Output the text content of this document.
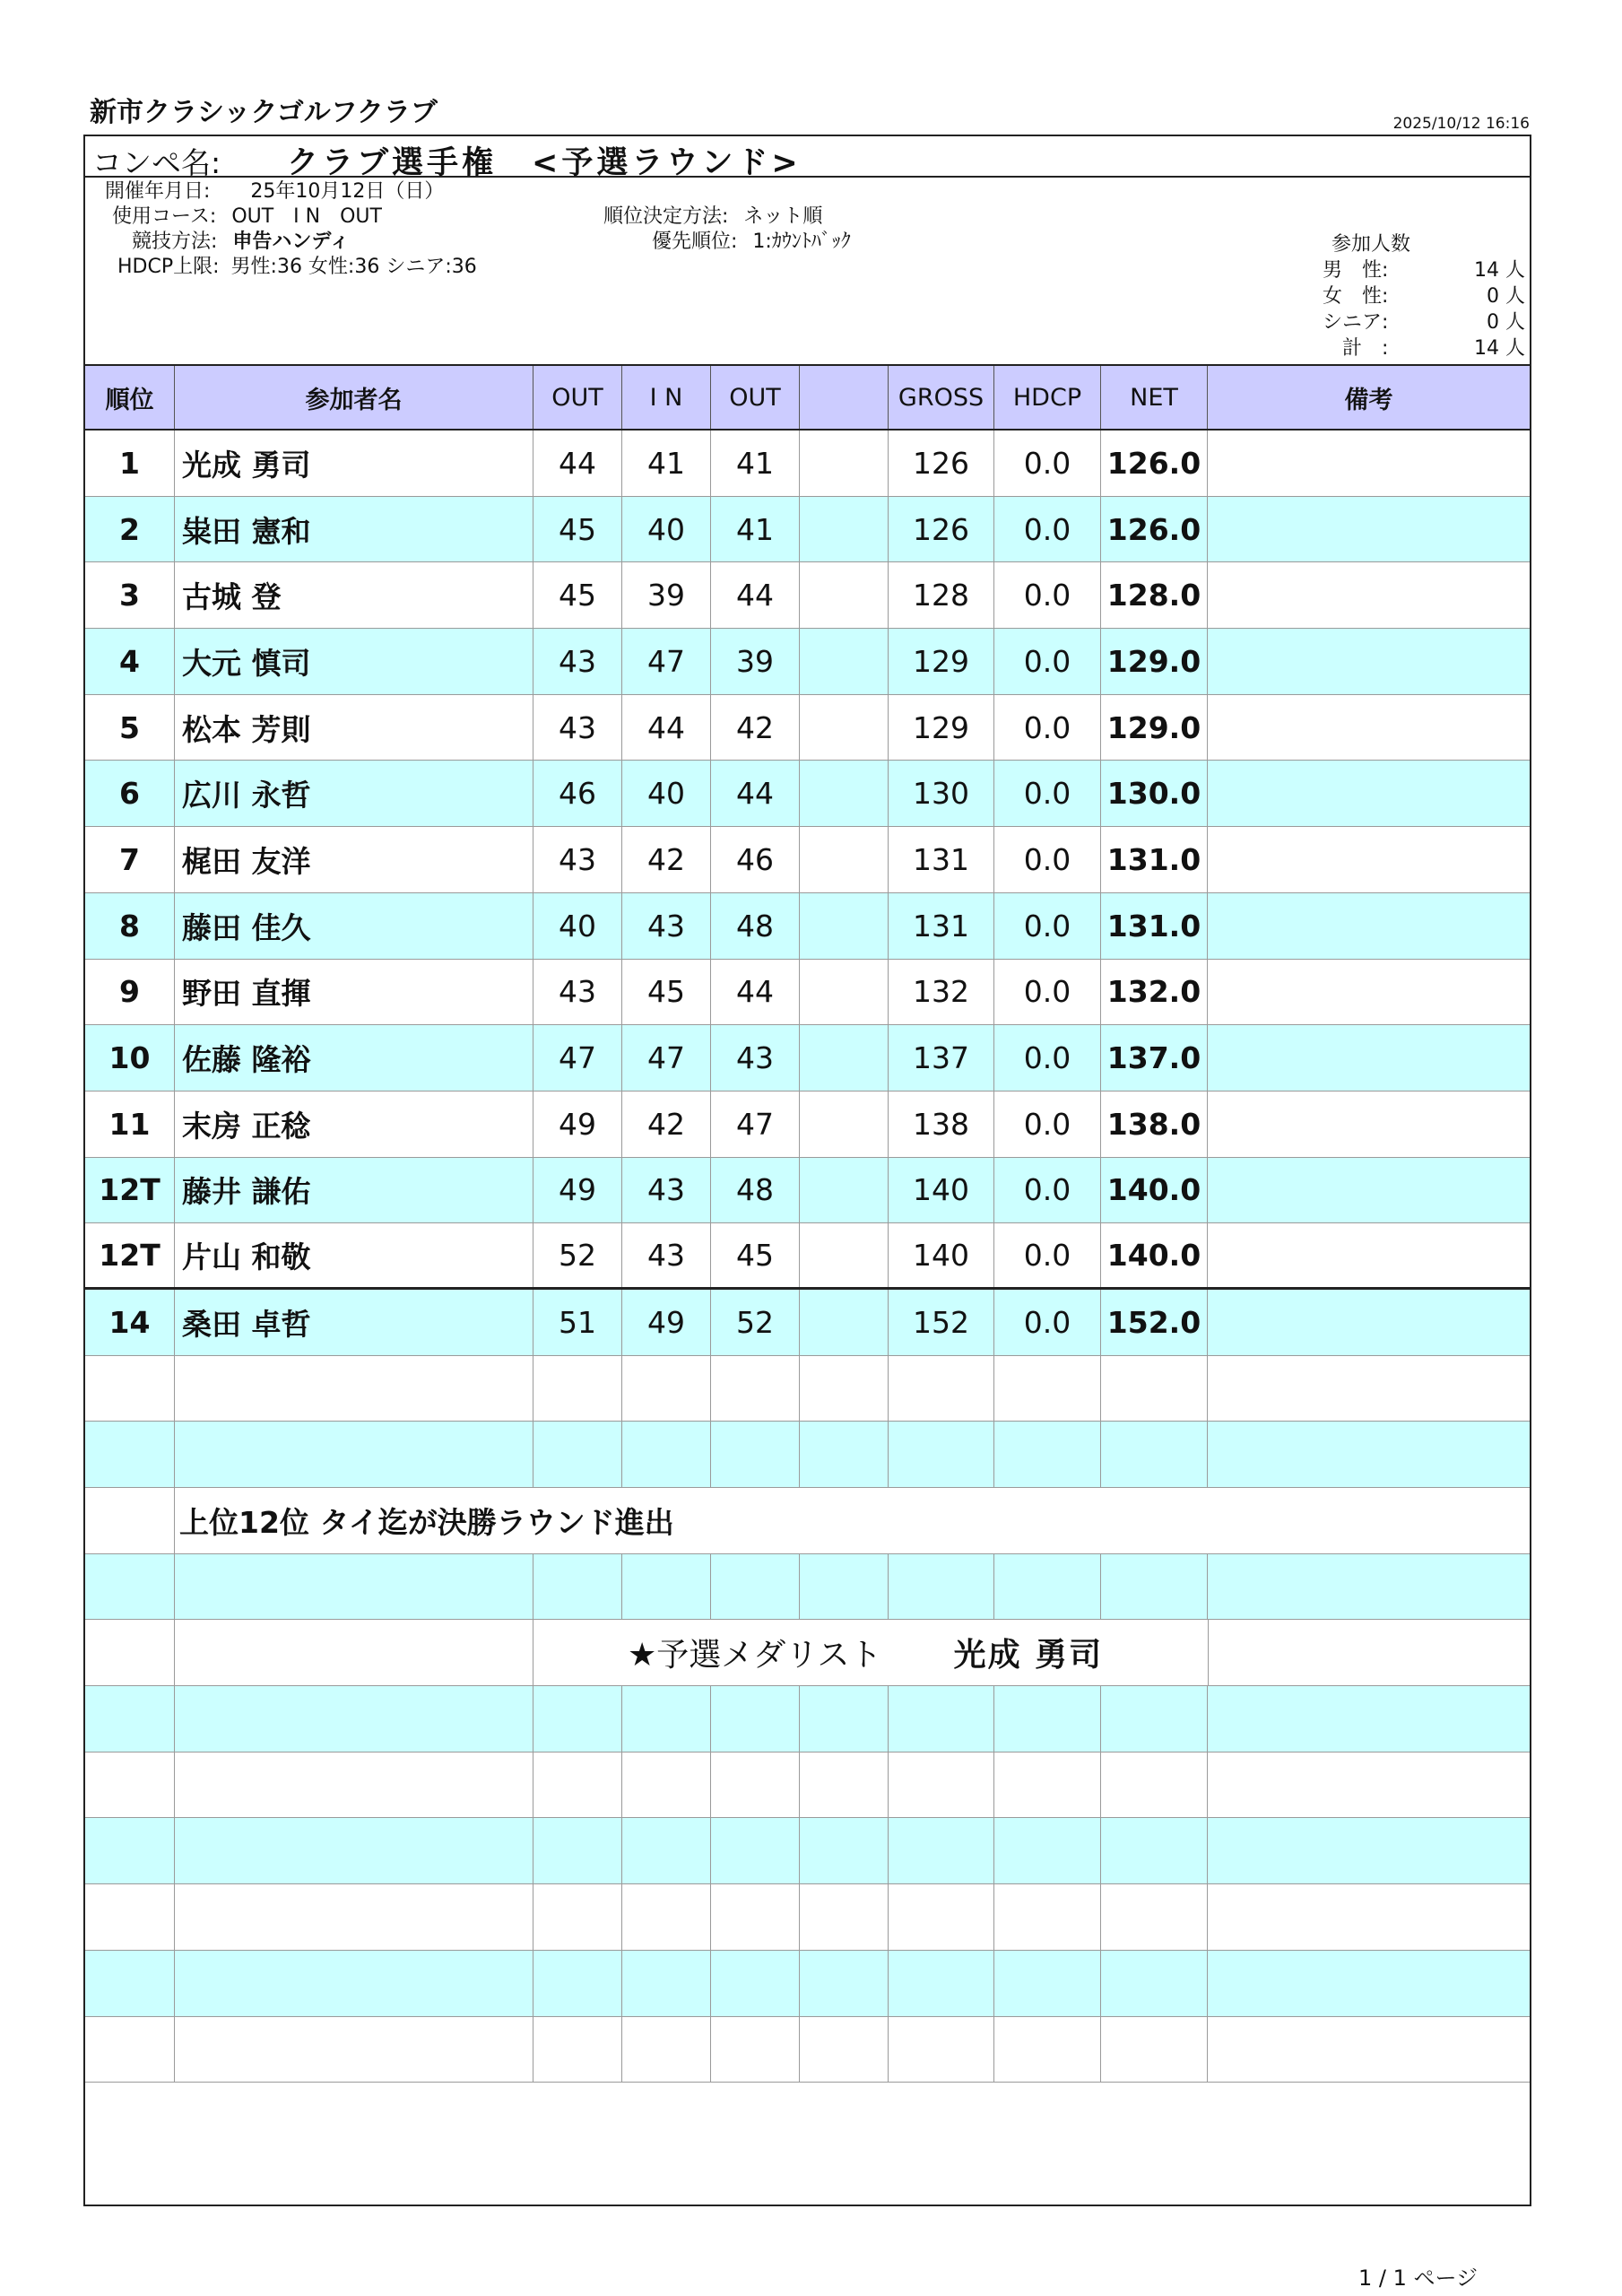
新市クラシックゴルフクラブ	2025/10/12 16:16
コンペ名: クラブ選手権　<予選ラウンド>
開催年月日: 25年10月12日（日）
使用コース: OUT　I N　OUT
競技方法: 申告ハンディ
HDCP上限: 男性:36 女性:36 シニア:36
順位決定方法: ネット順
優先順位: 1:ｶｳﾝﾄﾊﾞｯｸ	参加人数
男　性:	14 人
女　性:	0 人
シニア:	0 人
　計　:	14 人
順位	参加者名	OUT	I N	OUT	GROSS	HDCP	NET	備考
1	光成 勇司	44	41	41	126	0.0	126.0
2	粜田 憲和	45	40	41	126	0.0	126.0
3	古城 登	45	39	44	128	0.0	128.0
4	大元 慎司	43	47	39	129	0.0	129.0
5	松本 芳則	43	44	42	129	0.0	129.0
6	広川 永哲	46	40	44	130	0.0	130.0
7	梶田 友洋	43	42	46	131	0.0	131.0
8	藤田 佳久	40	43	48	131	0.0	131.0
9	野田 直揮	43	45	44	132	0.0	132.0
10	佐藤 隆裕	47	47	43	137	0.0	137.0
11	末房 正稔	49	42	47	138	0.0	138.0
12T 藤井 謙佑	49	43	48	140	0.0	140.0
12T 片山 和敬	52	43	45	140	0.0	140.0
14	桑田 卓哲	51	49	52	152	0.0	152.0
上位12位 タイ迄が決勝ラウンド進出
★予選メダリスト 光成 勇司
1 / 1 ページ
